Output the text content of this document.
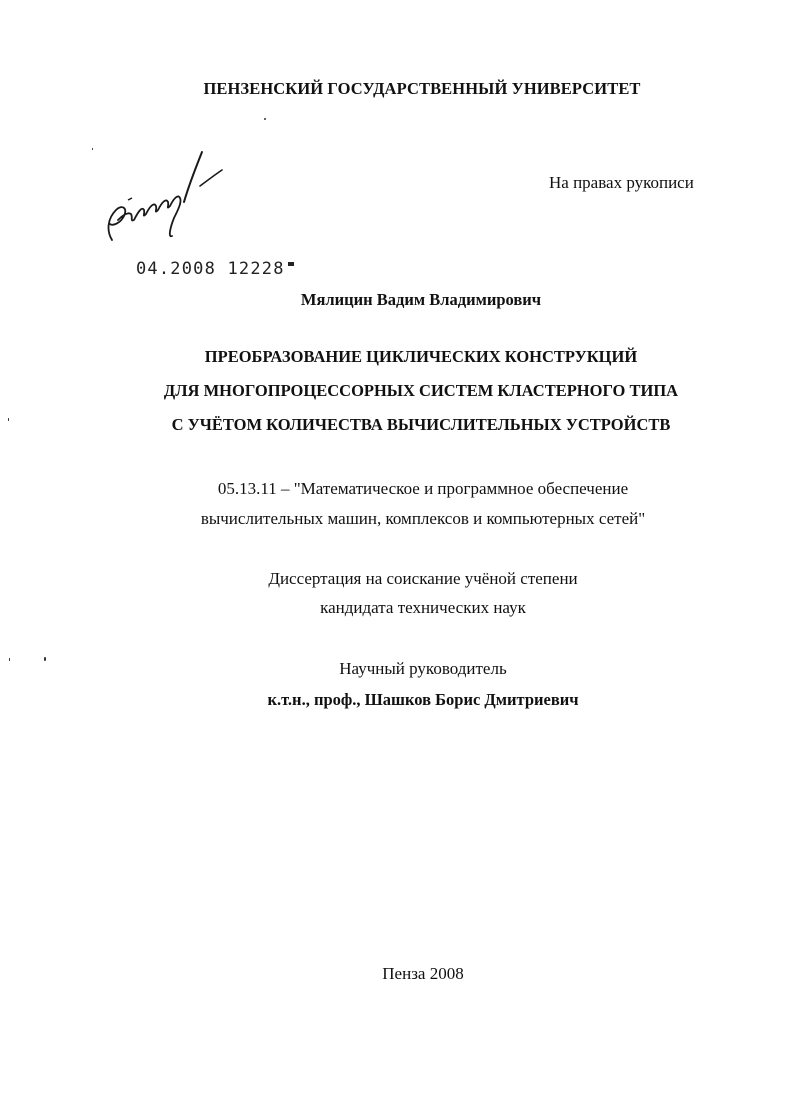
ПЕНЗЕНСКИЙ ГОСУДАРСТВЕННЫЙ УНИВЕРСИТЕТ
На правах рукописи
04.2008 12228
Мялицин Вадим Владимирович
ПРЕОБРАЗОВАНИЕ ЦИКЛИЧЕСКИХ КОНСТРУКЦИЙ
ДЛЯ МНОГОПРОЦЕССОРНЫХ СИСТЕМ КЛАСТЕРНОГО ТИПА
С УЧЁТОМ КОЛИЧЕСТВА ВЫЧИСЛИТЕЛЬНЫХ УСТРОЙСТВ
05.13.11 – "Математическое и программное обеспечение
вычислительных машин, комплексов и компьютерных сетей"
Диссертация на соискание учёной степени
кандидата технических наук
Научный руководитель
к.т.н., проф., Шашков Борис Дмитриевич
Пенза 2008
